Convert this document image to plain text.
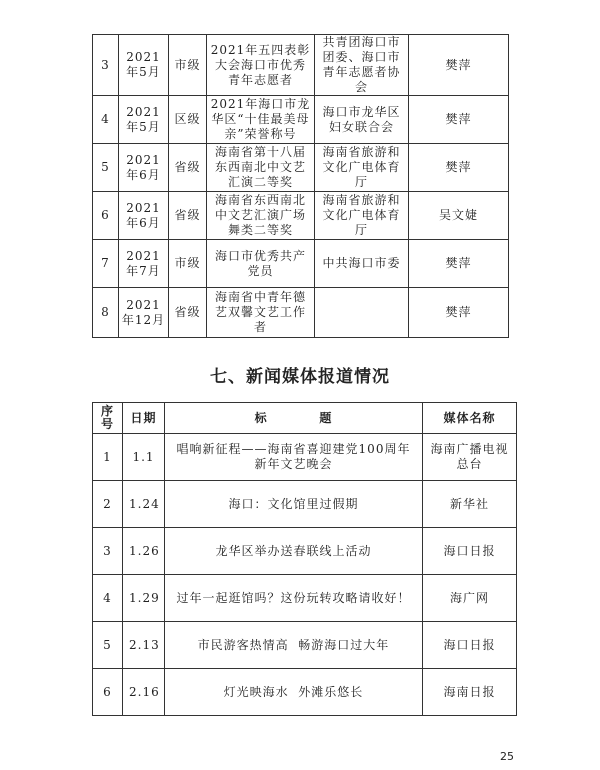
3	2021年5月	市级	2021年五四表彰大会海口市优秀青年志愿者	共青团海口市团委、海口市青年志愿者协会	樊萍
4	2021年5月	区级	2021年海口市龙华区“十佳最美母亲”荣誉称号	海口市龙华区妇女联合会	樊萍
5	2021年6月	省级	海南省第十八届东西南北中文艺汇演二等奖	海南省旅游和文化广电体育厅	樊萍
6	2021年6月	省级	海南省东西南北中文艺汇演广场舞类二等奖	海南省旅游和文化广电体育厅	吴文婕
7	2021年7月	市级	海口市优秀共产党员	中共海口市委	樊萍
8	2021年12月	省级	海南省中青年德艺双馨文艺工作者		樊萍
七、新闻媒体报道情况
序号	日期	标          题	媒体名称
1	1.1	唱响新征程——海南省喜迎建党100周年新年文艺晚会	海南广播电视总台
2	1.24	海口：文化馆里过假期	新华社
3	1.26	龙华区举办送春联线上活动	海口日报
4	1.29	过年一起逛馆吗？这份玩转攻略请收好！	海广网
5	2.13	市民游客热情高  畅游海口过大年	海口日报
6	2.16	灯光映海水  外滩乐悠长	海南日报
25
